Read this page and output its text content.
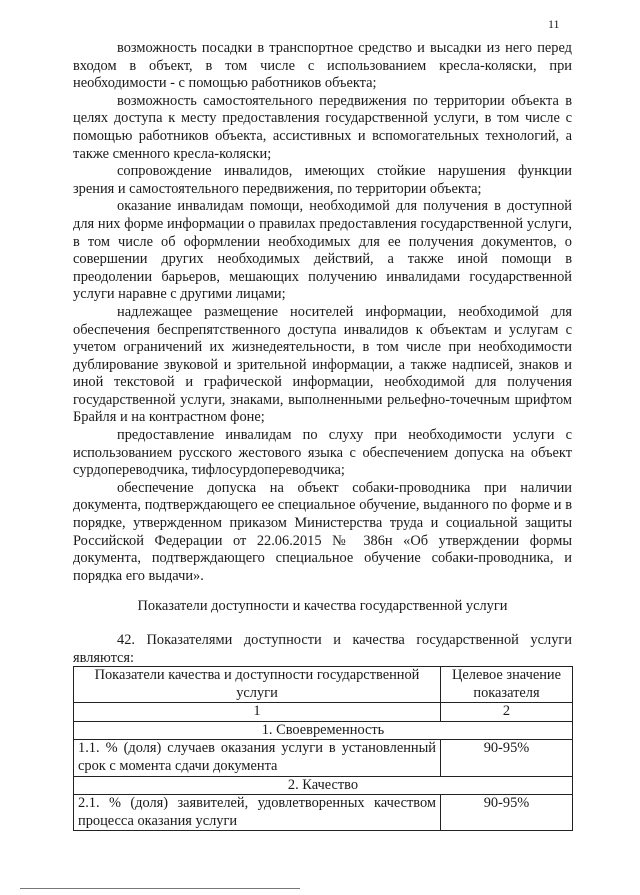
11

возможность посадки в транспортное средство и высадки из него перед входом в объект, в том числе с использованием кресла-коляски, при необходимости - с помощью работников объекта;

возможность самостоятельного передвижения по территории объекта в целях доступа к месту предоставления государственной услуги, в том числе с помощью работников объекта, ассистивных и вспомогательных технологий, а также сменного кресла-коляски;

сопровождение инвалидов, имеющих стойкие нарушения функции зрения и самостоятельного передвижения, по территории объекта;

оказание инвалидам помощи, необходимой для получения в доступной для них форме информации о правилах предоставления государственной услуги, в том числе об оформлении необходимых для ее получения документов, о совершении других необходимых действий, а также иной помощи в преодолении барьеров, мешающих получению инвалидами государственной услуги наравне с другими лицами;

надлежащее размещение носителей информации, необходимой для обеспечения беспрепятственного доступа инвалидов к объектам и услугам с учетом ограничений их жизнедеятельности, в том числе при необходимости дублирование звуковой и зрительной информации, а также надписей, знаков и иной текстовой и графической информации, необходимой для получения государственной услуги, знаками, выполненными рельефно-точечным шрифтом Брайля и на контрастном фоне;

предоставление инвалидам по слуху при необходимости услуги с использованием русского жестового языка с обеспечением допуска на объект сурдопереводчика, тифлосурдопереводчика;

обеспечение допуска на объект собаки-проводника при наличии документа, подтверждающего ее специальное обучение, выданного по форме и в порядке, утвержденном приказом Министерства труда и социальной защиты Российской Федерации от 22.06.2015 № 386н «Об утверждении формы документа, подтверждающего специальное обучение собаки-проводника, и порядка его выдачи».

Показатели доступности и качества государственной услуги

42. Показателями доступности и качества государственной услуги являются:

Показатели качества и доступности государственной услуги	Целевое значение показателя
1	2
1. Своевременность	
1.1. % (доля) случаев оказания услуги в установленный срок с момента сдачи документа	90-95%
2. Качество	
2.1. % (доля) заявителей, удовлетворенных качеством процесса оказания услуги	90-95%
